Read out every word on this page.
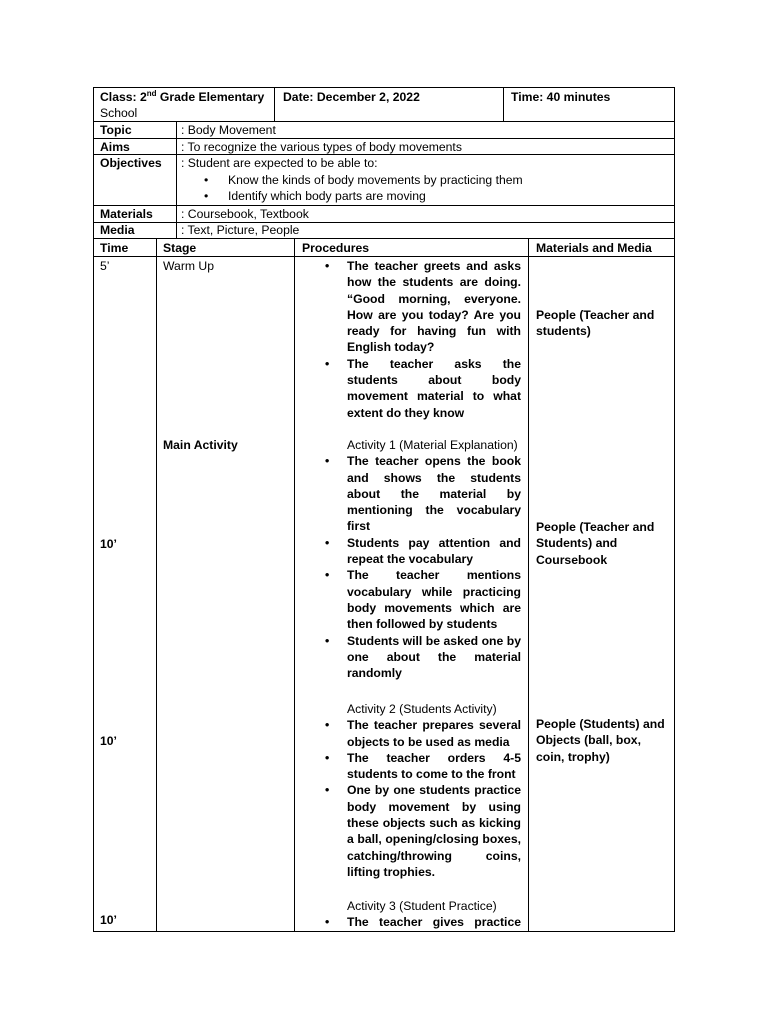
Class: 2nd Grade Elementary
School
Date: December 2, 2022	Time: 40 minutes
Topic	: Body Movement
Aims	: To recognize the various types of body movements
Objectives : Student are expected to be able to:
• Know the kinds of body movements by practicing them
• Identify which body parts are moving
Materials : Coursebook, Textbook
Media	: Text, Picture, People
Time	Stage	Procedures	Materials and Media
5’	Warm Up
•	The teacher greets and asks how the students are doing. “Good morning, everyone. How are you today? Are you ready for having fun with English today?
• The teacher asks the students about body movement material to what extent do they know
People (Teacher and students)
Main Activity	Activity 1 (Material Explanation)
• The teacher opens the book and shows the students about the material by mentioning the vocabulary first
• Students pay attention and repeat the vocabulary
• The teacher mentions vocabulary while practicing body movements which are then followed by students
• Students will be asked one by one about the material randomly
10’
People (Teacher and Students) and Coursebook
Activity 2 (Students Activity)
• The teacher prepares several objects to be used as media
• The teacher orders 4-5 students to come to the front
• One by one students practice body movement by using these objects such as kicking a ball, opening/closing boxes, catching/throwing coins, lifting trophies.
10’
People (Students) and Objects (ball, box, coin, trophy)
Activity 3 (Student Practice)
• The teacher gives practice
10’
